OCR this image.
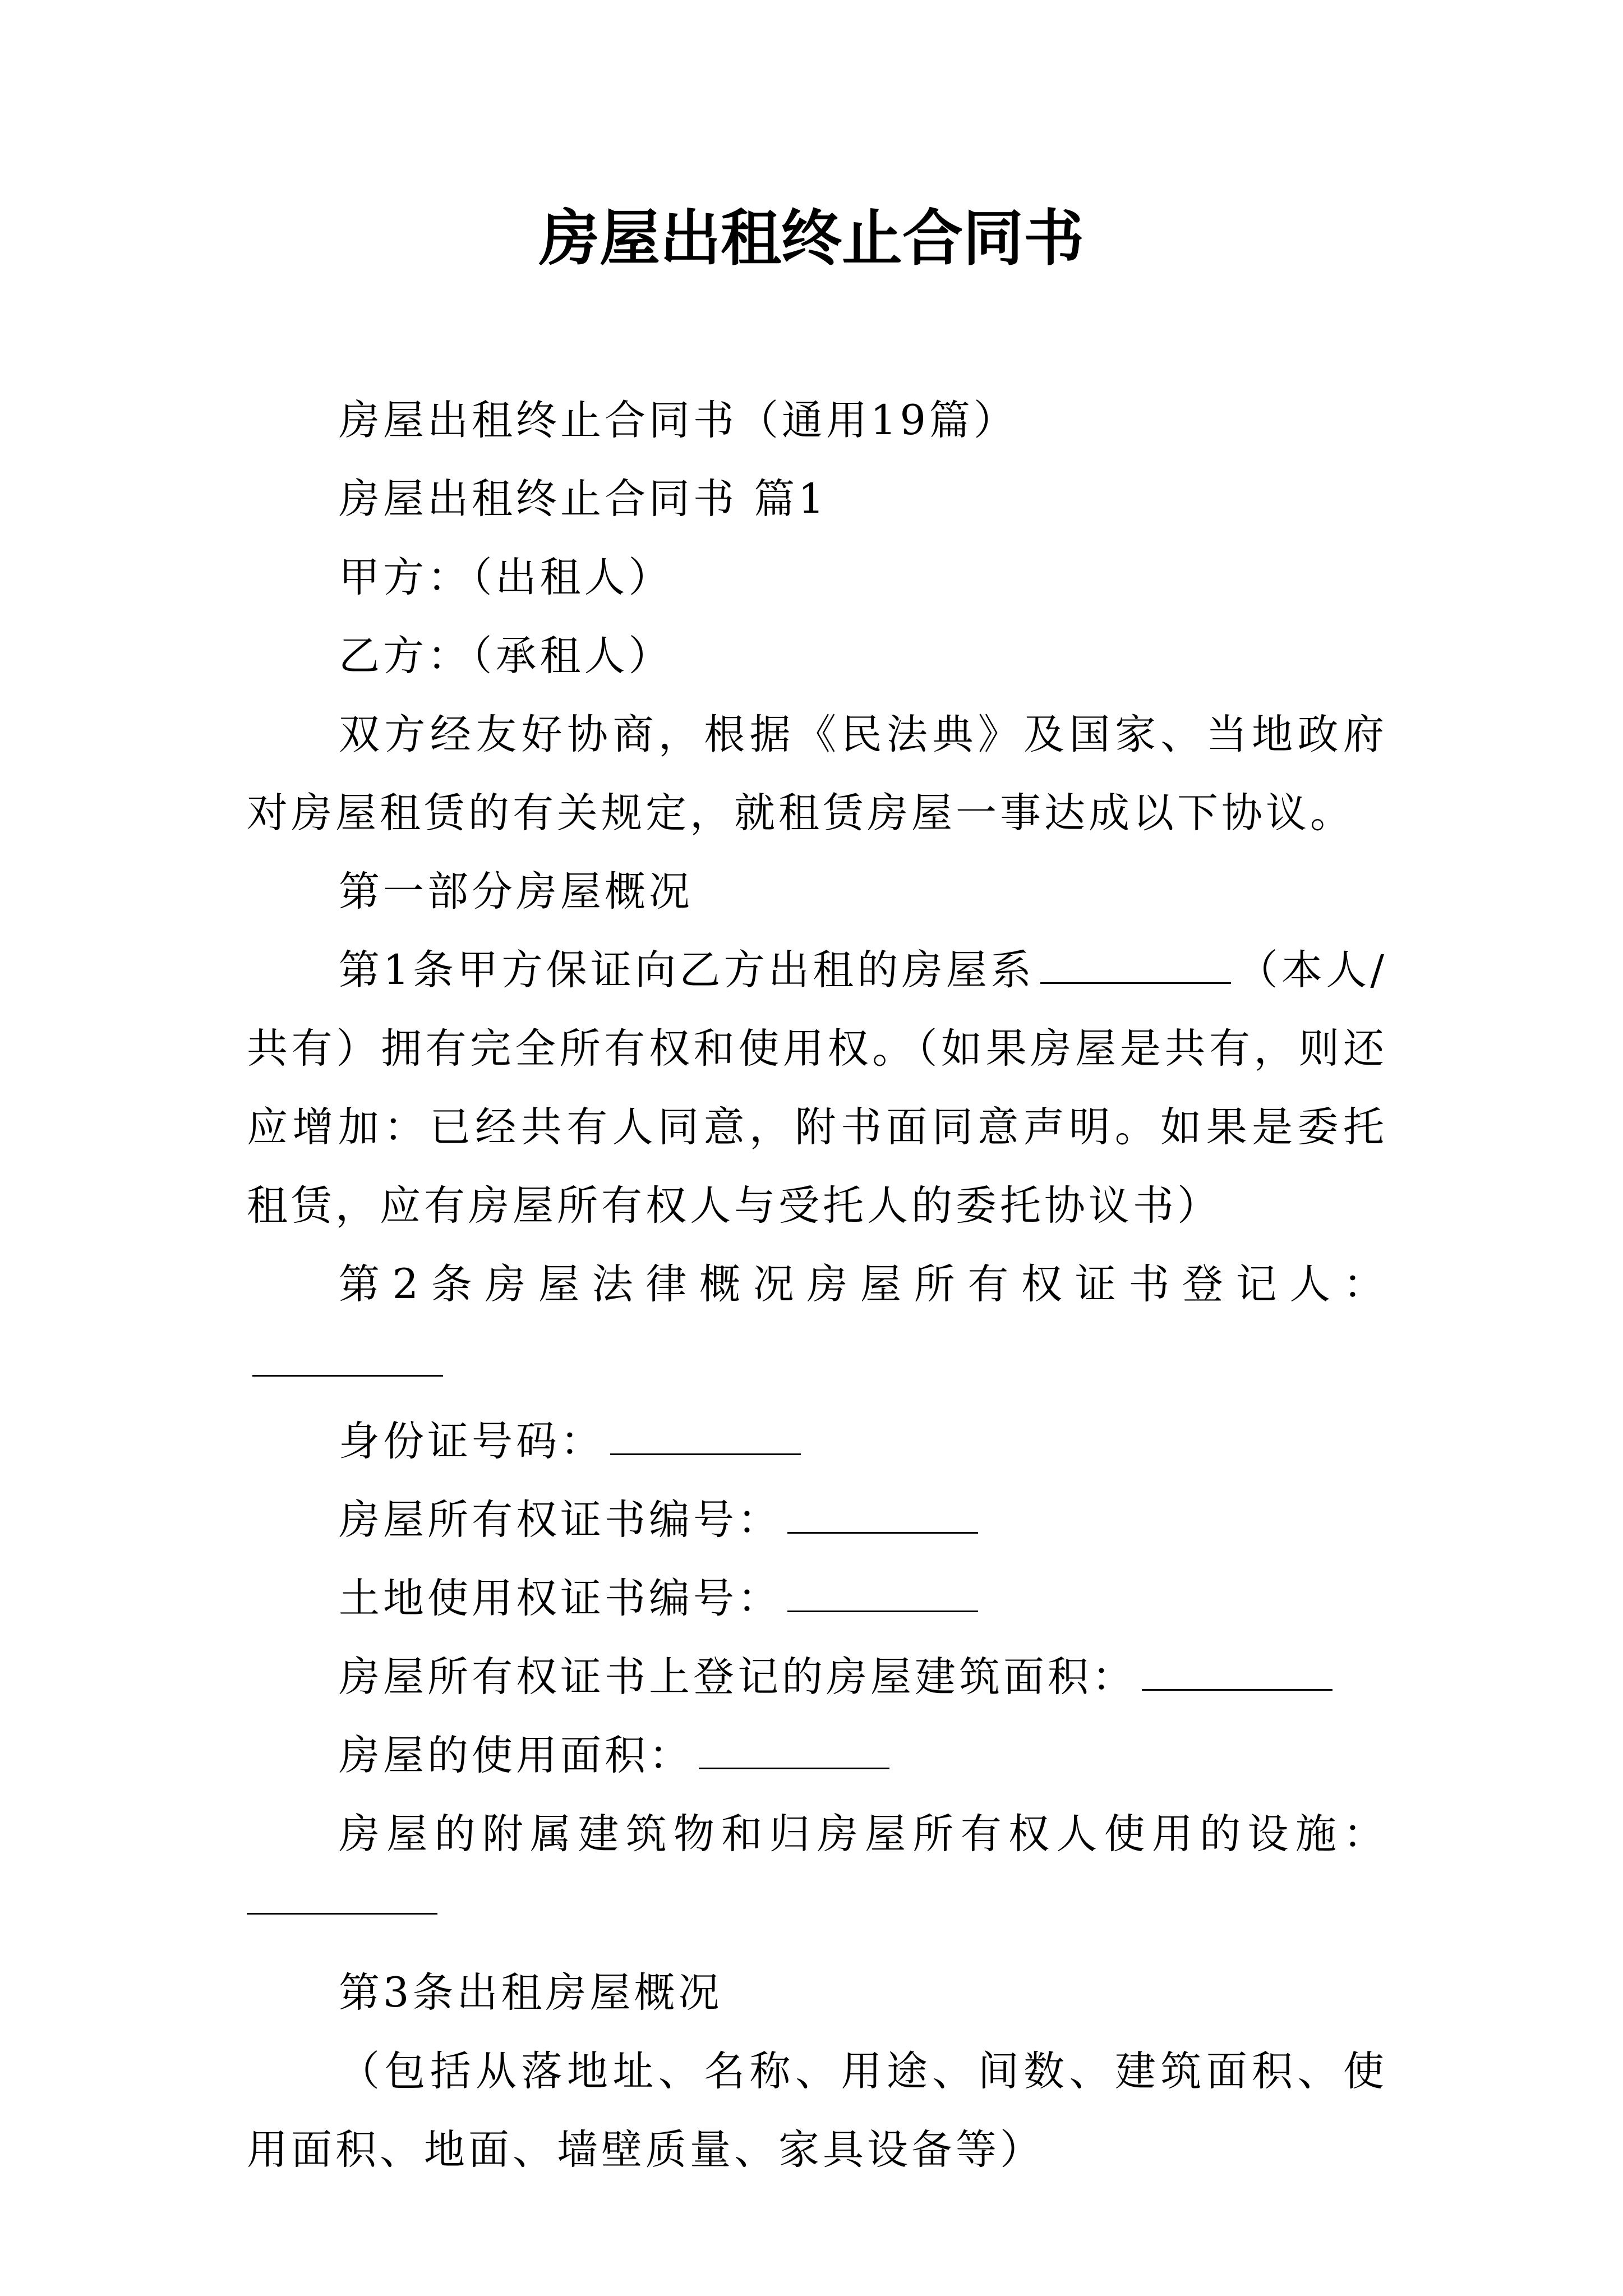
房屋出租终止合同书

房屋出租终止合同书（通用19篇）

房屋出租终止合同书 篇1

甲方：（出租人）

乙方：（承租人）

双方经友好协商，根据《民法典》及国家、当地政府对房屋租赁的有关规定，就租赁房屋一事达成以下协议。

第一部分房屋概况

第1条甲方保证向乙方出租的房屋系	（本人/共有）拥有完全所有权和使用权。（如果房屋是共有，则还应增加：已经共有人同意，附书面同意声明。如果是委托租赁，应有房屋所有权人与受托人的委托协议书）

第2条房屋法律概况房屋所有权证书登记人：

身份证号码：

房屋所有权证书编号：

土地使用权证书编号：

房屋所有权证书上登记的房屋建筑面积：

房屋的使用面积：

房屋的附属建筑物和归房屋所有权人使用的设施：

第3条出租房屋概况

（包括从落地址、名称、用途、间数、建筑面积、使用面积、地面、墙壁质量、家具设备等）
